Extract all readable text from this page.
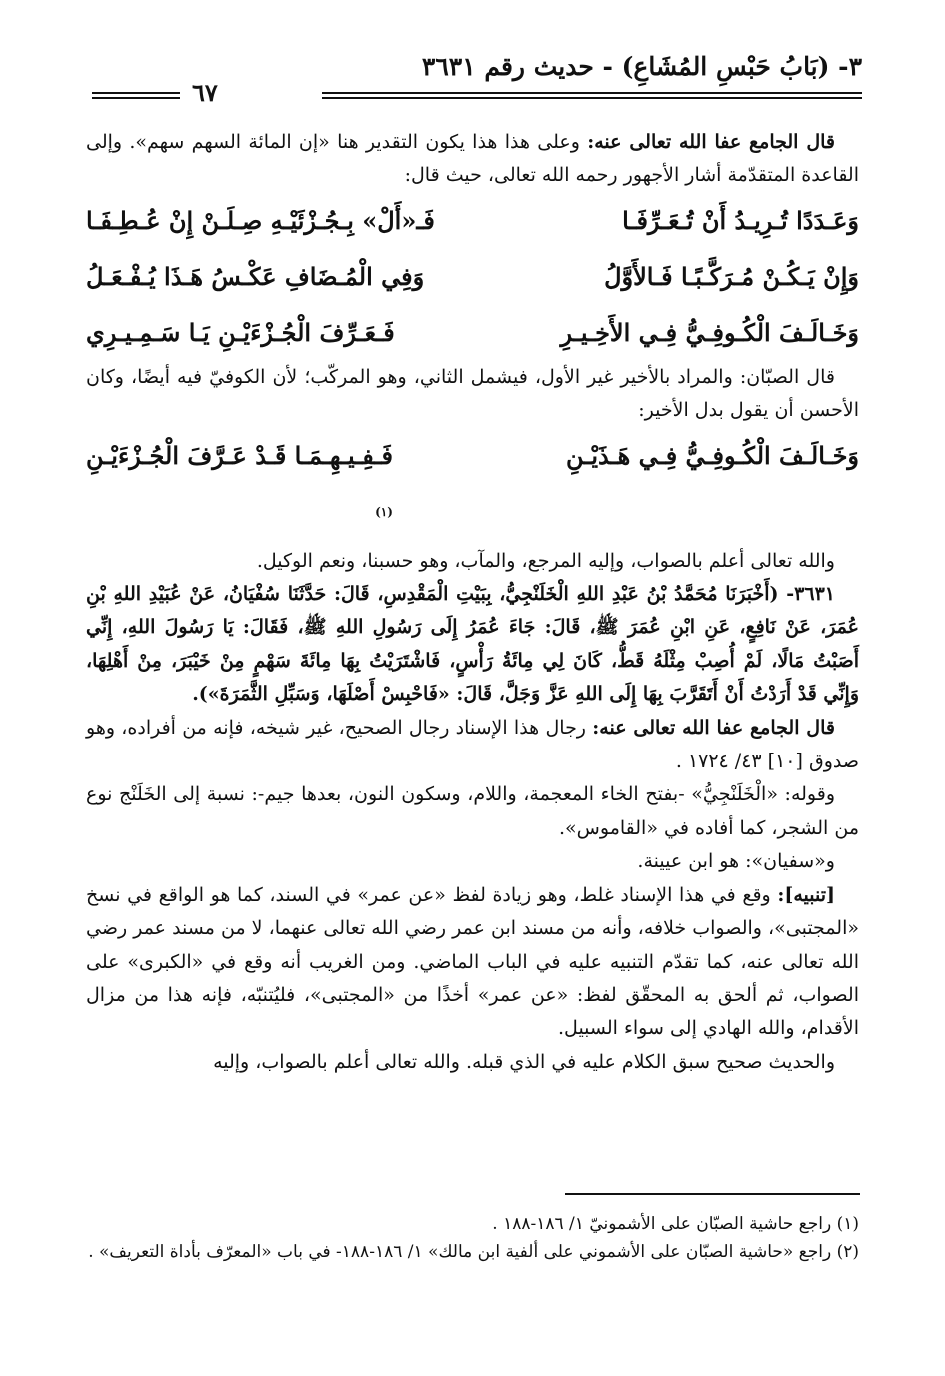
٣- (بَابُ حَبْسِ المُشَاعِ) - حديث رقم ٣٦٣١
٦٧

قال الجامع عفا الله تعالى عنه: وعلى هذا هذا يكون التقدير هنا «إن المائة السهم سهم». وإلى القاعدة المتقدّمة أشار الأجهور رحمه الله تعالى، حيث قال:

وَعَـدَدًا تُـرِيـدُ أَنْ تُـعَـرِّفَـا
فَـ«أَلْ» بِـجُـزْئَيْـهِ صِـلَـنْ إِنْ عُـطِـفَـا
وَإِنْ يَـكُـنْ مُـرَكَّـبًـا فَـالأَوَّلُ
وَفِي الْمُـضَافِ عَكْـسُ هَـذَا يُـفْـعَـلُ
وَخَـالَـفَ الْكُـوفِـيُّ فِـي الأَخِـيـرِ
فَـعَـرِّفَ الْجُـزْءَيْـنِ يَـا سَـمِـيـرِي

قال الصبّان: والمراد بالأخير غير الأول، فيشمل الثاني، وهو المركّب؛ لأن الكوفيّ فيه أيضًا، وكان الأحسن أن يقول بدل الأخير:

وَخَـالَـفَ الْكُـوفِـيُّ فِـي هَـذَيْـنِ
فَـفِـيـهِـمَـا قَـدْ عَـرَّفَ الْجُـزْءَيْـنِ
$^{(١)}$

والله تعالى أعلم بالصواب، وإليه المرجع، والمآب، وهو حسبنا، ونعم الوكيل.

٣٦٣١- (أَخْبَرَنَا مُحَمَّدُ بْنُ عَبْدِ اللهِ الْخَلَنْجِيُّ، بِبَيْتِ الْمَقْدِسِ، قَالَ: حَدَّثَنَا سُفْيَانُ، عَنْ عُبَيْدِ اللهِ بْنِ عُمَرَ، عَنْ نَافِعٍ، عَنِ ابْنِ عُمَرَ ﷺ، قَالَ: جَاءَ عُمَرُ إِلَى رَسُولِ اللهِ ﷺ، فَقَالَ: يَا رَسُولَ اللهِ، إِنِّي أَصَبْتُ مَالًا، لَمْ أُصِبْ مِثْلَهُ قَطُّ، كَانَ لِي مِائَةُ رَأْسٍ، فَاشْتَرَيْتُ بِهَا مِائَةَ سَهْمٍ مِنْ خَيْبَرَ، مِنْ أَهْلِهَا، وَإِنِّي قَدْ أَرَدْتُ أَنْ أَتَقَرَّبَ بِهَا إِلَى اللهِ عَزَّ وَجَلَّ، قَالَ: «فَاحْبِسْ أَصْلَهَا، وَسَبِّلِ الثَّمَرَةَ»).

قال الجامع عفا الله تعالى عنه: رجال هذا الإسناد رجال الصحيح، غير شيخه، فإنه من أفراده، وهو صدوق [١٠] ٤٣/ ١٧٢٤ .

وقوله: «الْخَلَنْجِيُّ» -بفتح الخاء المعجمة، واللام، وسكون النون، بعدها جيم-: نسبة إلى الخَلَنْج نوع من الشجر، كما أفاده في «القاموس».

و«سفيان»: هو ابن عيينة.

[تنبيه]: وقع في هذا الإسناد غلط، وهو زيادة لفظ «عن عمر» في السند، كما هو الواقع في نسخ «المجتبى»، والصواب خلافه، وأنه من مسند ابن عمر رضي الله تعالى عنهما، لا من مسند عمر رضي الله تعالى عنه، كما تقدّم التنبيه عليه في الباب الماضي. ومن الغريب أنه وقع في «الكبرى» على الصواب، ثم ألحق به المحقّق لفظ: «عن عمر» أخذًا من «المجتبى»، فليُتنبّه، فإنه هذا من مزال الأقدام، والله الهادي إلى سواء السبيل.

والحديث صحيح سبق الكلام عليه في الذي قبله. والله تعالى أعلم بالصواب، وإليه

(١) راجع حاشية الصبّان على الأشمونيّ ١/ ١٨٦-١٨٨ .

(٢) راجع «حاشية الصبّان على الأشموني على ألفية ابن مالك» ١/ ١٨٦-١٨٨- في باب «المعرّف بأداة التعريف» .
